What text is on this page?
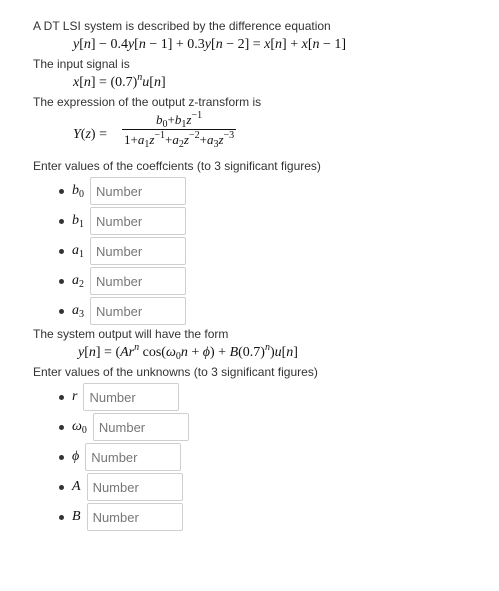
A DT LSI system is described by the difference equation
y[n] − 0.4y[n − 1] + 0.3y[n − 2] = x[n] + x[n − 1]
The input signal is
$x[n] = (0.7)^nu[n]$
The expression of the output z-transform is
$Y(z) = \frac{b_0+b_1z^{-1}}{1+a_1z^{-1}+a_2z^{-2}+a_3z^{-3}}$
Enter values of the coeffcients (to 3 significant figures)
$b_0$
Number
$b_1$
Number
$a_1$
Number
$a_2$
Number
$a_3$
Number
The system output will have the form
$y[n] = (Ar^n$ $\cos(\omega_0n + \phi) + B(0.7)^n)u[n]$
Enter values of the unknowns (to 3 significant figures)
r
Number
$\omega_0$
Number
ϕ
Number
A
Number
B
Number
